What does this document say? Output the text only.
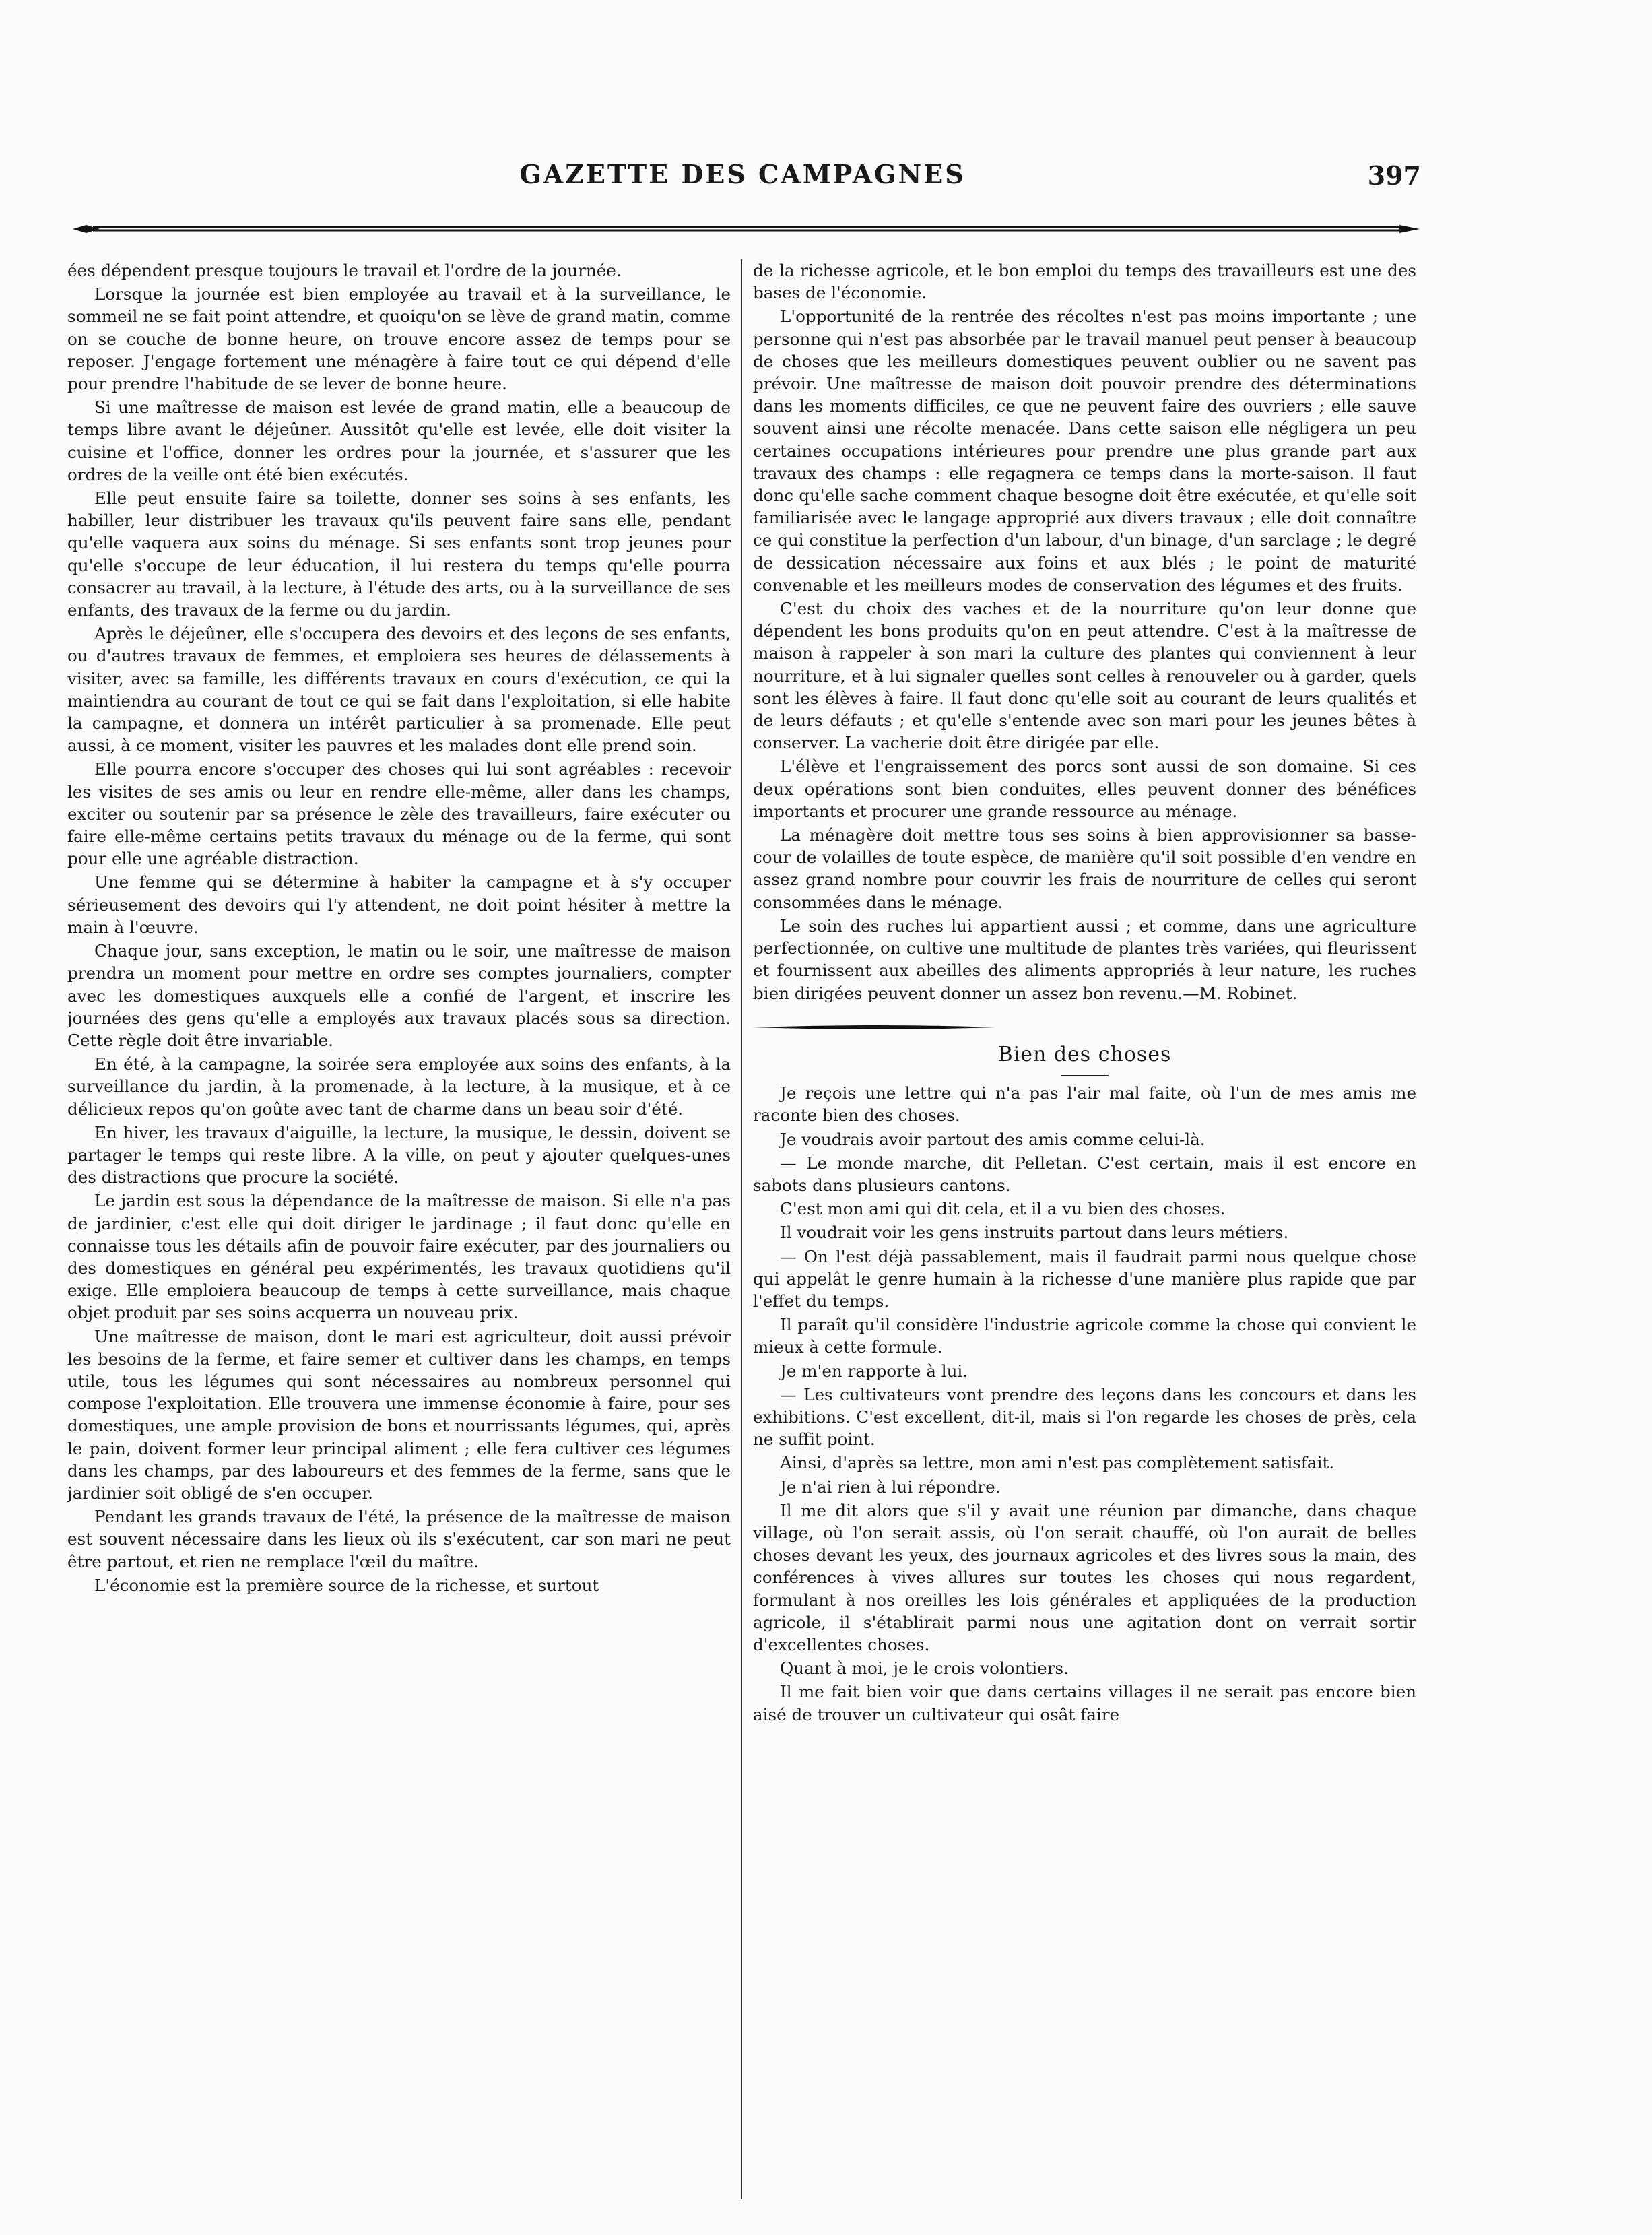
GAZETTE DES CAMPAGNES	397

ées dépendent presque toujours le travail et l'ordre de la journée.

Lorsque la journée est bien employée au travail et à la surveillance, le sommeil ne se fait point attendre, et quoiqu'on se lève de grand matin, comme on se couche de bonne heure, on trouve encore assez de temps pour se reposer. J'engage fortement une ménagère à faire tout ce qui dépend d'elle pour prendre l'habitude de se lever de bonne heure.

Si une maîtresse de maison est levée de grand matin, elle a beaucoup de temps libre avant le déjeûner. Aussitôt qu'elle est levée, elle doit visiter la cuisine et l'office, donner les ordres pour la journée, et s'assurer que les ordres de la veille ont été bien exécutés.

Elle peut ensuite faire sa toilette, donner ses soins à ses enfants, les habiller, leur distribuer les travaux qu'ils peuvent faire sans elle, pendant qu'elle vaquera aux soins du ménage. Si ses enfants sont trop jeunes pour qu'elle s'occupe de leur éducation, il lui restera du temps qu'elle pourra consacrer au travail, à la lecture, à l'étude des arts, ou à la surveillance de ses enfants, des travaux de la ferme ou du jardin.

Après le déjeûner, elle s'occupera des devoirs et des leçons de ses enfants, ou d'autres travaux de femmes, et emploiera ses heures de délassements à visiter, avec sa famille, les différents travaux en cours d'exécution, ce qui la maintiendra au courant de tout ce qui se fait dans l'exploitation, si elle habite la campagne, et donnera un intérêt particulier à sa promenade. Elle peut aussi, à ce moment, visiter les pauvres et les malades dont elle prend soin.

Elle pourra encore s'occuper des choses qui lui sont agréables : recevoir les visites de ses amis ou leur en rendre elle-même, aller dans les champs, exciter ou soutenir par sa présence le zèle des travailleurs, faire exécuter ou faire elle-même certains petits travaux du ménage ou de la ferme, qui sont pour elle une agréable distraction.

Une femme qui se détermine à habiter la campagne et à s'y occuper sérieusement des devoirs qui l'y attendent, ne doit point hésiter à mettre la main à l'œuvre.

Chaque jour, sans exception, le matin ou le soir, une maîtresse de maison prendra un moment pour mettre en ordre ses comptes journaliers, compter avec les domestiques auxquels elle a confié de l'argent, et inscrire les journées des gens qu'elle a employés aux travaux placés sous sa direction. Cette règle doit être invariable.

En été, à la campagne, la soirée sera employée aux soins des enfants, à la surveillance du jardin, à la promenade, à la lecture, à la musique, et à ce délicieux repos qu'on goûte avec tant de charme dans un beau soir d'été.

En hiver, les travaux d'aiguille, la lecture, la musique, le dessin, doivent se partager le temps qui reste libre. A la ville, on peut y ajouter quelques-unes des distractions que procure la société.

Le jardin est sous la dépendance de la maîtresse de maison. Si elle n'a pas de jardinier, c'est elle qui doit diriger le jardinage ; il faut donc qu'elle en connaisse tous les détails afin de pouvoir faire exécuter, par des journaliers ou des domestiques en général peu expérimentés, les travaux quotidiens qu'il exige. Elle emploiera beaucoup de temps à cette surveillance, mais chaque objet produit par ses soins acquerra un nouveau prix.

Une maîtresse de maison, dont le mari est agriculteur, doit aussi prévoir les besoins de la ferme, et faire semer et cultiver dans les champs, en temps utile, tous les légumes qui sont nécessaires au nombreux personnel qui compose l'exploitation. Elle trouvera une immense économie à faire, pour ses domestiques, une ample provision de bons et nourrissants légumes, qui, après le pain, doivent former leur principal aliment ; elle fera cultiver ces légumes dans les champs, par des laboureurs et des femmes de la ferme, sans que le jardinier soit obligé de s'en occuper.

Pendant les grands travaux de l'été, la présence de la maîtresse de maison est souvent nécessaire dans les lieux où ils s'exécutent, car son mari ne peut être partout, et rien ne remplace l'œil du maître.

L'économie est la première source de la richesse, et surtout

de la richesse agricole, et le bon emploi du temps des travailleurs est une des bases de l'économie.

L'opportunité de la rentrée des récoltes n'est pas moins importante ; une personne qui n'est pas absorbée par le travail manuel peut penser à beaucoup de choses que les meilleurs domestiques peuvent oublier ou ne savent pas prévoir. Une maîtresse de maison doit pouvoir prendre des déterminations dans les moments difficiles, ce que ne peuvent faire des ouvriers ; elle sauve souvent ainsi une récolte menacée. Dans cette saison elle négligera un peu certaines occupations intérieures pour prendre une plus grande part aux travaux des champs : elle regagnera ce temps dans la morte-saison. Il faut donc qu'elle sache comment chaque besogne doit être exécutée, et qu'elle soit familiarisée avec le langage approprié aux divers travaux ; elle doit connaître ce qui constitue la perfection d'un labour, d'un binage, d'un sarclage ; le degré de dessication nécessaire aux foins et aux blés ; le point de maturité convenable et les meilleurs modes de conservation des légumes et des fruits.

C'est du choix des vaches et de la nourriture qu'on leur donne que dépendent les bons produits qu'on en peut attendre. C'est à la maîtresse de maison à rappeler à son mari la culture des plantes qui conviennent à leur nourriture, et à lui signaler quelles sont celles à renouveler ou à garder, quels sont les élèves à faire. Il faut donc qu'elle soit au courant de leurs qualités et de leurs défauts ; et qu'elle s'entende avec son mari pour les jeunes bêtes à conserver. La vacherie doit être dirigée par elle.

L'élève et l'engraissement des porcs sont aussi de son domaine. Si ces deux opérations sont bien conduites, elles peuvent donner des bénéfices importants et procurer une grande ressource au ménage.

La ménagère doit mettre tous ses soins à bien approvisionner sa basse-cour de volailles de toute espèce, de manière qu'il soit possible d'en vendre en assez grand nombre pour couvrir les frais de nourriture de celles qui seront consommées dans le ménage.

Le soin des ruches lui appartient aussi ; et comme, dans une agriculture perfectionnée, on cultive une multitude de plantes très variées, qui fleurissent et fournissent aux abeilles des aliments appropriés à leur nature, les ruches bien dirigées peuvent donner un assez bon revenu.—M. Robinet.

Bien des choses

Je reçois une lettre qui n'a pas l'air mal faite, où l'un de mes amis me raconte bien des choses.

Je voudrais avoir partout des amis comme celui-là.

— Le monde marche, dit Pelletan. C'est certain, mais il est encore en sabots dans plusieurs cantons.

C'est mon ami qui dit cela, et il a vu bien des choses.

Il voudrait voir les gens instruits partout dans leurs métiers.

— On l'est déjà passablement, mais il faudrait parmi nous quelque chose qui appelât le genre humain à la richesse d'une manière plus rapide que par l'effet du temps.

Il paraît qu'il considère l'industrie agricole comme la chose qui convient le mieux à cette formule.

Je m'en rapporte à lui.

— Les cultivateurs vont prendre des leçons dans les concours et dans les exhibitions. C'est excellent, dit-il, mais si l'on regarde les choses de près, cela ne suffit point.

Ainsi, d'après sa lettre, mon ami n'est pas complètement satisfait.

Je n'ai rien à lui répondre.

Il me dit alors que s'il y avait une réunion par dimanche, dans chaque village, où l'on serait assis, où l'on serait chauffé, où l'on aurait de belles choses devant les yeux, des journaux agricoles et des livres sous la main, des conférences à vives allures sur toutes les choses qui nous regardent, formulant à nos oreilles les lois générales et appliquées de la production agricole, il s'établirait parmi nous une agitation dont on verrait sortir d'excellentes choses.

Quant à moi, je le crois volontiers.

Il me fait bien voir que dans certains villages il ne serait pas encore bien aisé de trouver un cultivateur qui osât faire
